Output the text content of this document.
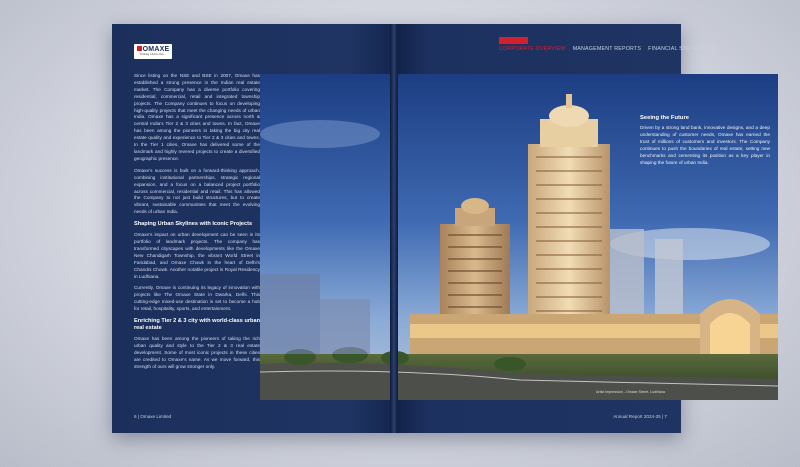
OMAXE
Building Lifetime Reli...

Since listing on the NSE and BSE in 2007, Omaxe has established a strong presence in the Indian real estate market. The Company has a diverse portfolio covering residential, commercial, retail and integrated township projects. The Company continues to focus on developing high-quality projects that meet the changing needs of urban India. Omaxe has a significant presence across north & central India’s Tier 2 & 3 cities and towns. In fact, Omaxe has been among the pioneers in taking the big city real estate quality and experience to Tier 2 & 3 cities and towns. In the Tier 1 cities, Omaxe has delivered some of the landmark and highly revered projects to create a diversified geographic presence.

Omaxe’s success is built on a forward-thinking approach, combining institutional partnerships, strategic regional expansion, and a focus on a balanced project portfolio across commercial, residential and retail. This has allowed the Company to not just build structures, but to create vibrant, sustainable communities that meet the evolving needs of urban India.

Shaping Urban Skylines with Iconic Projects

Omaxe’s impact on urban development can be seen in its portfolio of landmark projects. The company has transformed cityscapes with developments like the Omaxe New Chandigarh Township, the vibrant World Street in Faridabad, and Omaxe Chowk in the heart of Delhi’s Chandni Chowk. Another notable project is Royal Residency in Ludhiana.

Currently, Omaxe is continuing its legacy of innovation with projects like The Omaxe State in Dwarka, Delhi. This cutting-edge mixed-use destination is set to become a hub for retail, hospitality, sports, and entertainment.

Enriching Tier 2 & 3 city with world-class urban real estate

Omaxe has been among the pioneers of taking the rich urban quality and style to the Tier 2 & 3 real estate development. Some of most iconic projects in these cities are credited to Omaxe’s name. As we move forward, this strength of ours will grow stronger only.

6 | Omaxe Limited
CORPORATE OVERVIEW MANAGEMENT REPORTS FINANCIAL STATEMENTS
Annual Report 2024-25 | 7
Seeing the Future

Driven by a strong land bank, innovative designs, and a deep understanding of customer needs, Omaxe has earned the trust of millions of customers and investors. The Company continues to push the boundaries of real estate, setting new benchmarks and cementing its position as a key player in shaping the future of urban India.

Artist Impression - Omaxe Street, Ludhiana
